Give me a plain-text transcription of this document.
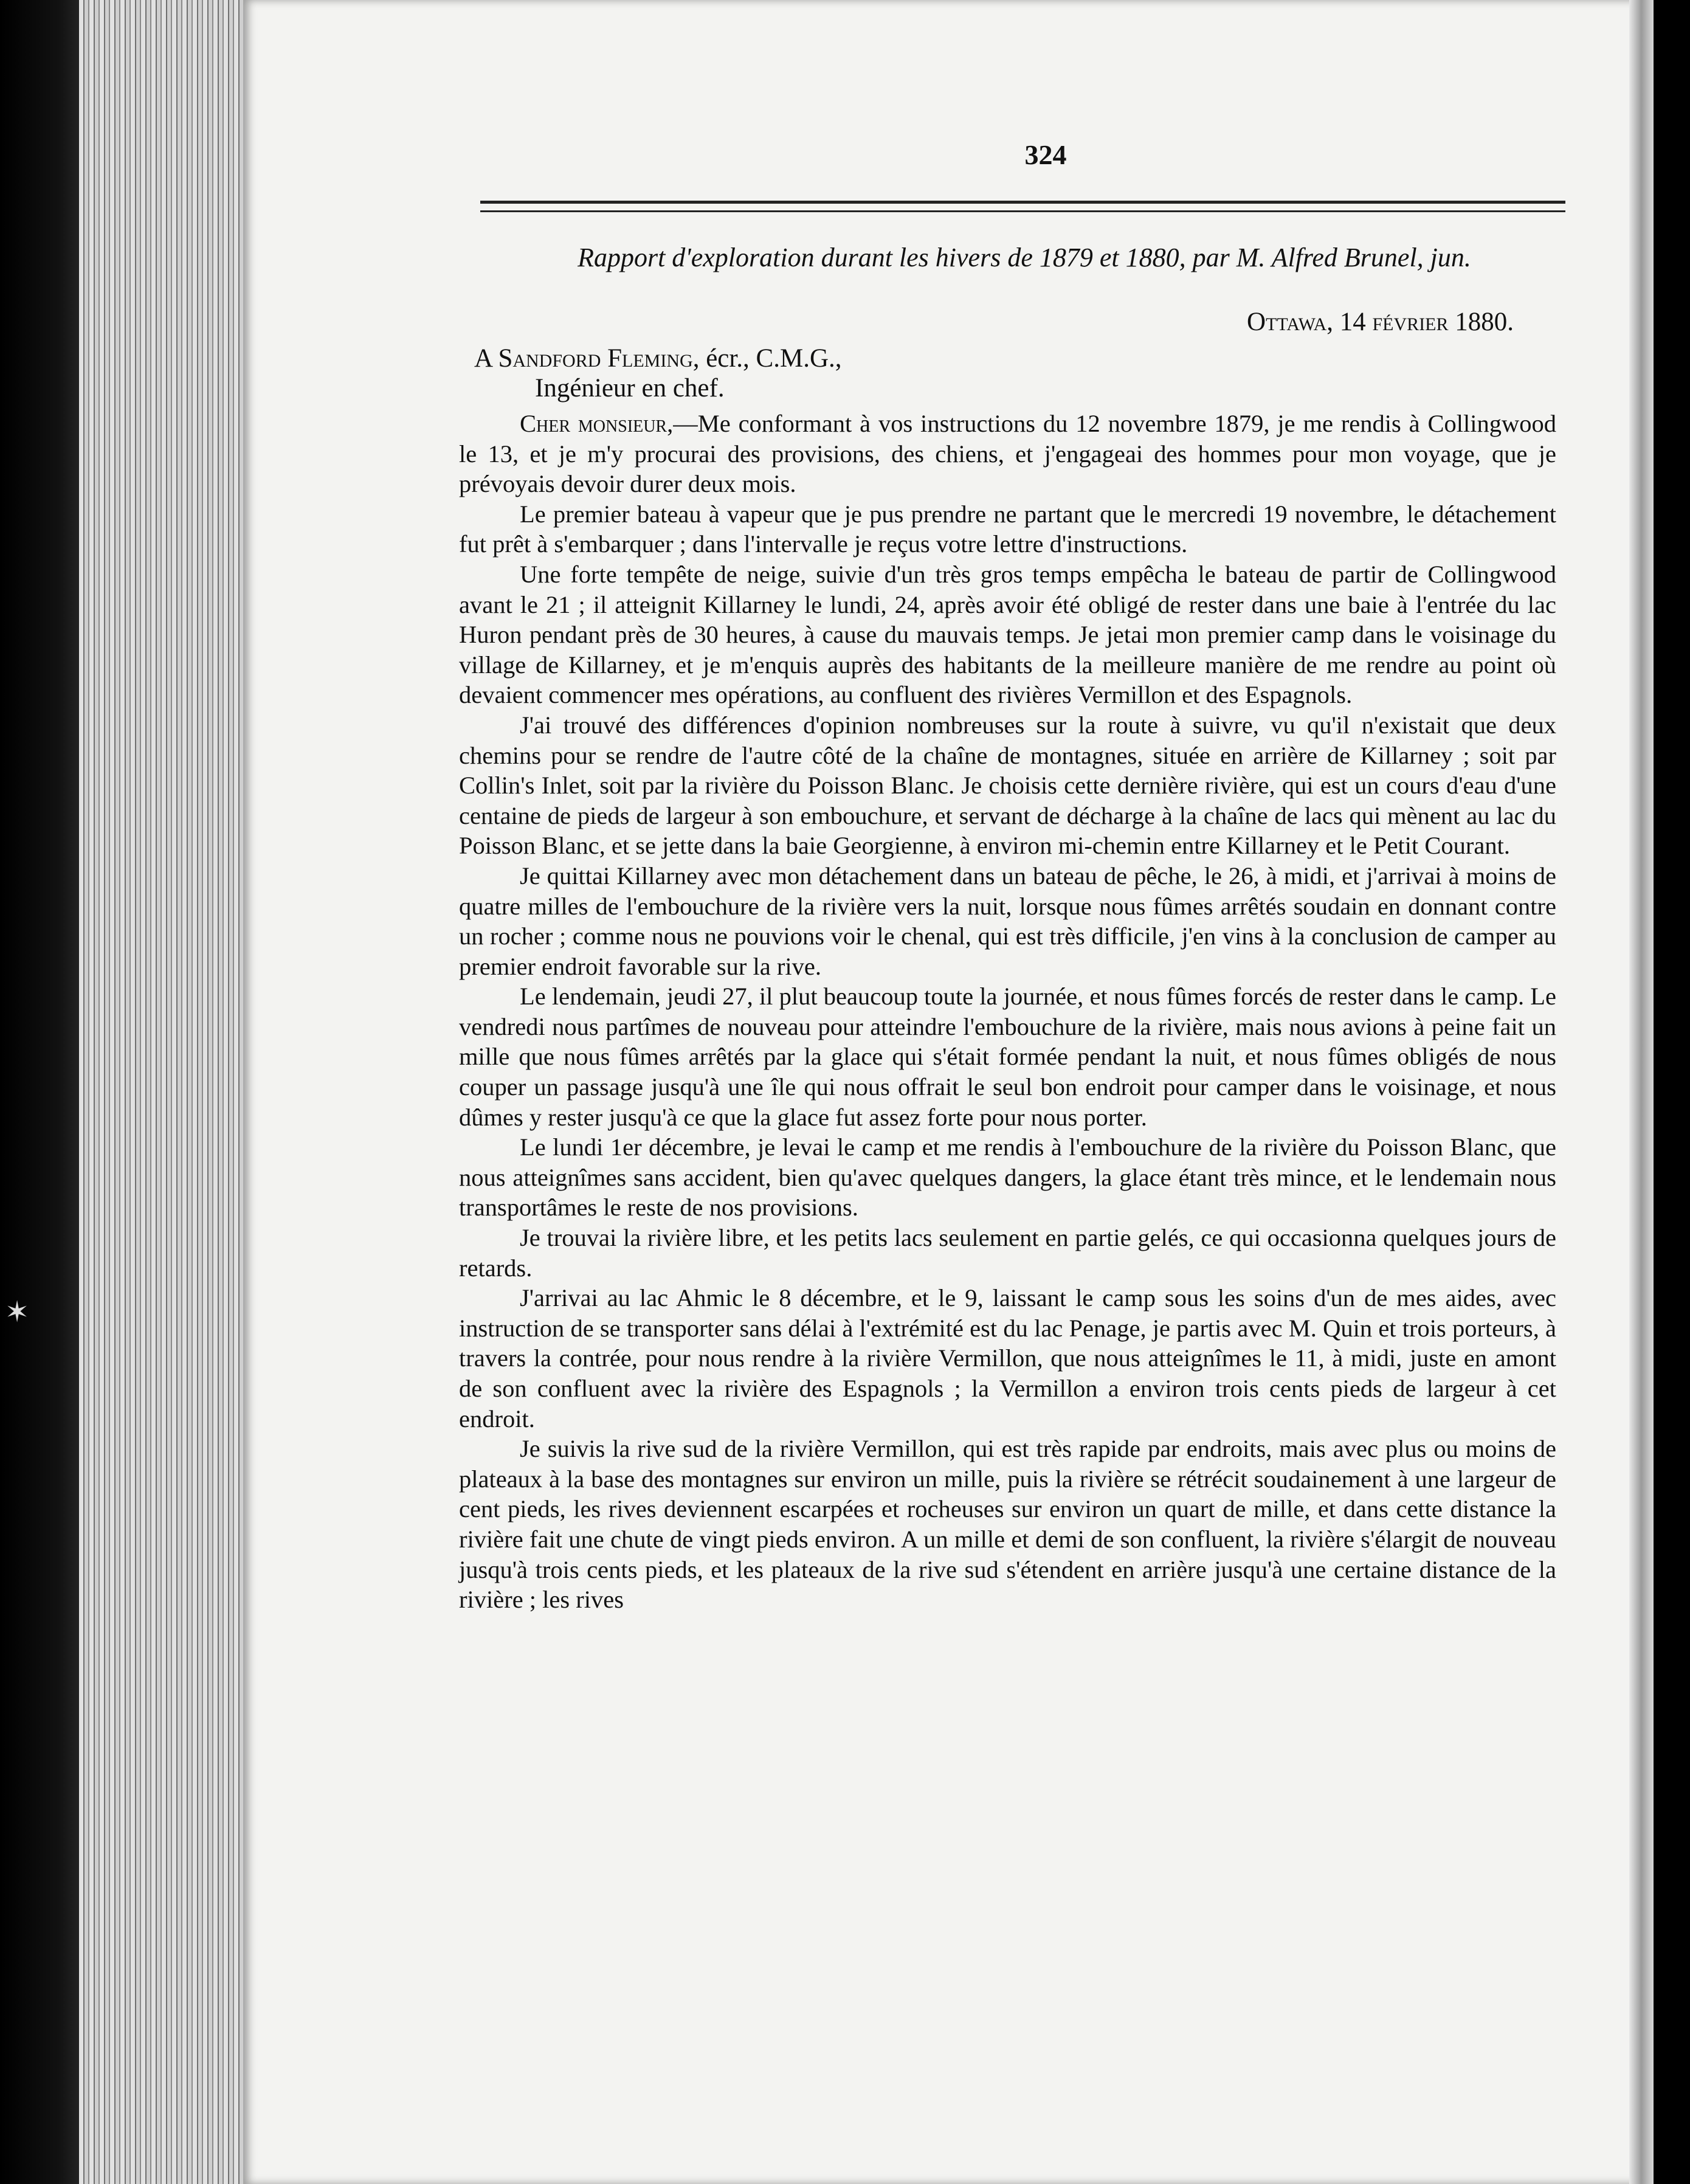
✶
324
Rapport d'exploration durant les hivers de 1879 et 1880, par M. Alfred Brunel, jun.
Ottawa, 14 février 1880.
A Sandford Fleming, écr., C.M.G.,
Ingénieur en chef.

Cher monsieur,—Me conformant à vos instructions du 12 novembre 1879, je me rendis à Collingwood le 13, et je m'y procurai des provisions, des chiens, et j'engageai des hommes pour mon voyage, que je prévoyais devoir durer deux mois.

Le premier bateau à vapeur que je pus prendre ne partant que le mercredi 19 novembre, le détachement fut prêt à s'embarquer ; dans l'intervalle je reçus votre lettre d'instructions.

Une forte tempête de neige, suivie d'un très gros temps empêcha le bateau de partir de Collingwood avant le 21 ; il atteignit Killarney le lundi, 24, après avoir été obligé de rester dans une baie à l'entrée du lac Huron pendant près de 30 heures, à cause du mauvais temps. Je jetai mon premier camp dans le voisinage du village de Killarney, et je m'enquis auprès des habitants de la meilleure manière de me rendre au point où devaient commencer mes opérations, au confluent des rivières Vermillon et des Espagnols.

J'ai trouvé des différences d'opinion nombreuses sur la route à suivre, vu qu'il n'existait que deux chemins pour se rendre de l'autre côté de la chaîne de montagnes, située en arrière de Killarney ; soit par Collin's Inlet, soit par la rivière du Poisson Blanc. Je choisis cette dernière rivière, qui est un cours d'eau d'une centaine de pieds de largeur à son embouchure, et servant de décharge à la chaîne de lacs qui mènent au lac du Poisson Blanc, et se jette dans la baie Georgienne, à environ mi-chemin entre Killarney et le Petit Courant.

Je quittai Killarney avec mon détachement dans un bateau de pêche, le 26, à midi, et j'arrivai à moins de quatre milles de l'embouchure de la rivière vers la nuit, lorsque nous fûmes arrêtés soudain en donnant contre un rocher ; comme nous ne pouvions voir le chenal, qui est très difficile, j'en vins à la conclusion de camper au premier endroit favorable sur la rive.

Le lendemain, jeudi 27, il plut beaucoup toute la journée, et nous fûmes forcés de rester dans le camp. Le vendredi nous partîmes de nouveau pour atteindre l'embouchure de la rivière, mais nous avions à peine fait un mille que nous fûmes arrêtés par la glace qui s'était formée pendant la nuit, et nous fûmes obligés de nous couper un passage jusqu'à une île qui nous offrait le seul bon endroit pour camper dans le voisinage, et nous dûmes y rester jusqu'à ce que la glace fut assez forte pour nous porter.

Le lundi 1er décembre, je levai le camp et me rendis à l'embouchure de la rivière du Poisson Blanc, que nous atteignîmes sans accident, bien qu'avec quelques dangers, la glace étant très mince, et le lendemain nous transportâmes le reste de nos provisions.

Je trouvai la rivière libre, et les petits lacs seulement en partie gelés, ce qui occasionna quelques jours de retards.

J'arrivai au lac Ahmic le 8 décembre, et le 9, laissant le camp sous les soins d'un de mes aides, avec instruction de se transporter sans délai à l'extrémité est du lac Penage, je partis avec M. Quin et trois porteurs, à travers la contrée, pour nous rendre à la rivière Vermillon, que nous atteignîmes le 11, à midi, juste en amont de son confluent avec la rivière des Espagnols ; la Vermillon a environ trois cents pieds de largeur à cet endroit.

Je suivis la rive sud de la rivière Vermillon, qui est très rapide par endroits, mais avec plus ou moins de plateaux à la base des montagnes sur environ un mille, puis la rivière se rétrécit soudainement à une largeur de cent pieds, les rives deviennent escarpées et rocheuses sur environ un quart de mille, et dans cette distance la rivière fait une chute de vingt pieds environ. A un mille et demi de son confluent, la rivière s'élargit de nouveau jusqu'à trois cents pieds, et les plateaux de la rive sud s'étendent en arrière jusqu'à une certaine distance de la rivière ; les rives
